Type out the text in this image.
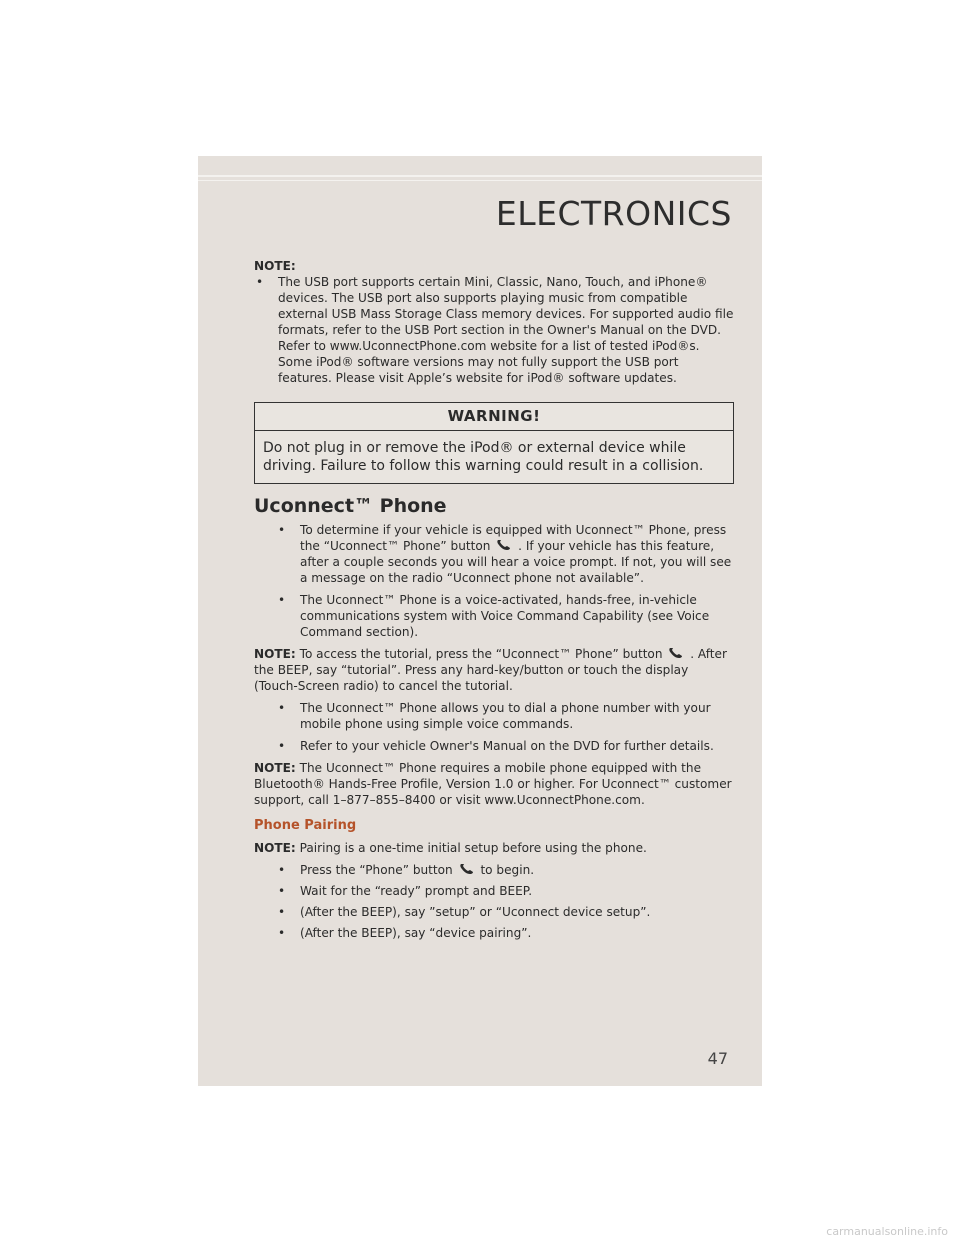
ELECTRONICS
NOTE:
• The USB port supports certain Mini, Classic, Nano, Touch, and iPhone® devices. The USB port also supports playing music from compatible external USB Mass Storage Class memory devices. For supported audio file formats, refer to the USB Port section in the Owner's Manual on the DVD. Refer to www.UconnectPhone.com website for a list of tested iPod®s. Some iPod® software versions may not fully support the USB port features. Please visit Apple’s website for iPod® software updates.
WARNING!
Do not plug in or remove the iPod® or external device while driving. Failure to follow this warning could result in a collision.
Uconnect™ Phone
• To determine if your vehicle is equipped with Uconnect™ Phone, press the “Uconnect™ Phone” button . If your vehicle has this feature, after a couple seconds you will hear a voice prompt. If not, you will see a message on the radio “Uconnect phone not available”.
• The Uconnect™ Phone is a voice-activated, hands-free, in-vehicle communications system with Voice Command Capability (see Voice Command section).
NOTE: To access the tutorial, press the “Uconnect™ Phone” button . After the BEEP, say “tutorial”. Press any hard-key/button or touch the display (Touch-Screen radio) to cancel the tutorial.
• The Uconnect™ Phone allows you to dial a phone number with your mobile phone using simple voice commands.
• Refer to your vehicle Owner's Manual on the DVD for further details.
NOTE: The Uconnect™ Phone requires a mobile phone equipped with the Bluetooth® Hands-Free Profile, Version 1.0 or higher. For Uconnect™ customer support, call 1–877–855–8400 or visit www.UconnectPhone.com.
Phone Pairing
NOTE: Pairing is a one-time initial setup before using the phone.
• Press the “Phone” button to begin.
• Wait for the “ready” prompt and BEEP.
• (After the BEEP), say ”setup” or “Uconnect device setup”.
• (After the BEEP), say “device pairing”.
47
carmanualsonline.info
